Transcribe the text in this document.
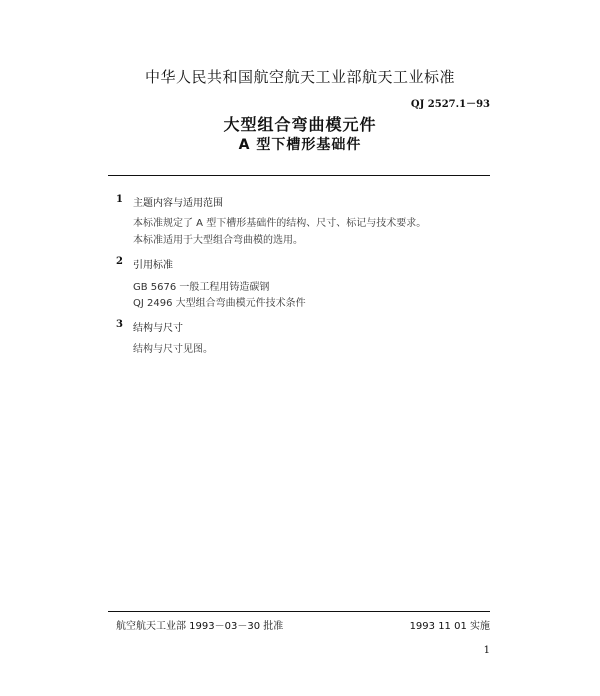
中华人民共和国航空航天工业部航天工业标准
QJ 2527.1－93
大型组合弯曲模元件
A 型下槽形基础件
1 主题内容与适用范围
本标准规定了 A 型下槽形基础件的结构、尺寸、标记与技术要求。
本标准适用于大型组合弯曲模的选用。
2 引用标准
GB 5676 一般工程用铸造碳钢
QJ 2496 大型组合弯曲模元件技术条件
3 结构与尺寸
结构与尺寸见图。
航空航天工业部 1993－03－30 批准	1993 11 01 实施
1
